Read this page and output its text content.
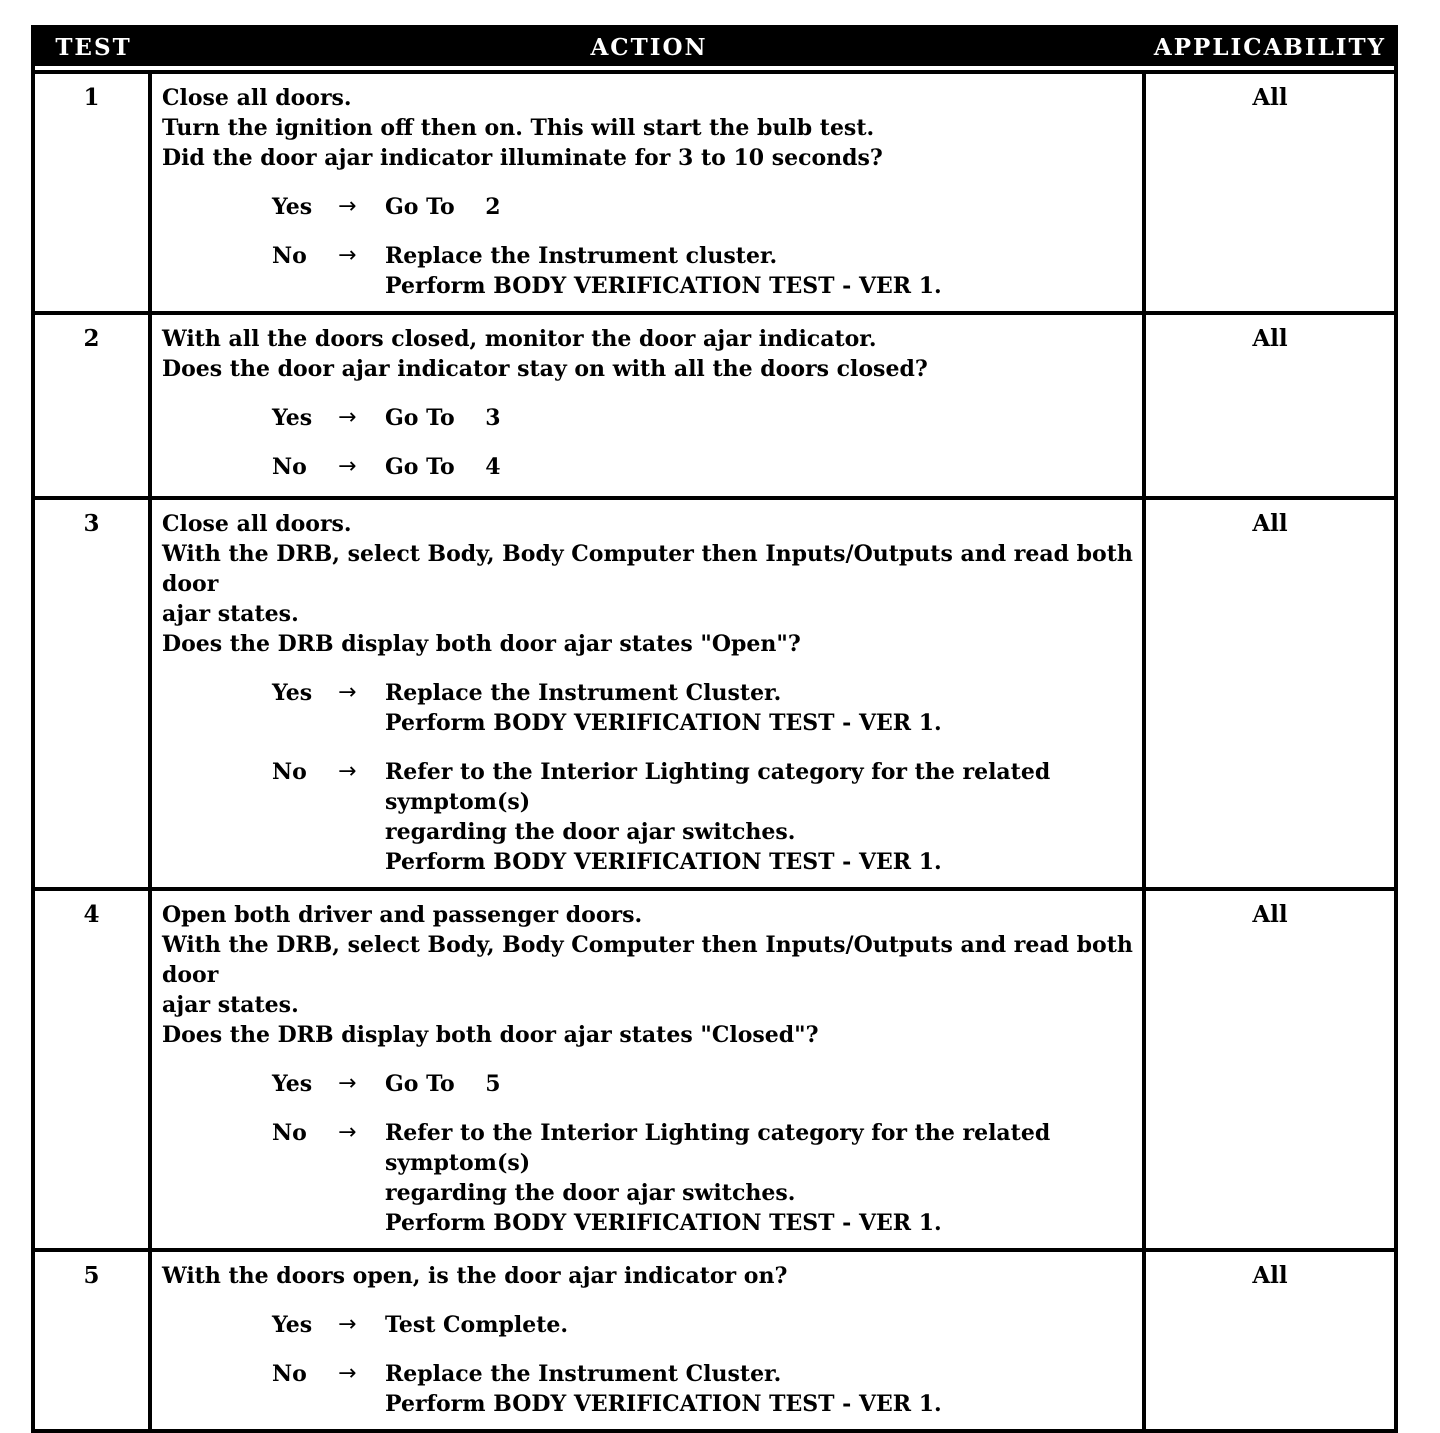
TEST	ACTION	APPLICABILITY
1	Close all doors.
Turn the ignition off then on. This will start the bulb test.
Did the door ajar indicator illuminate for 3 to 10 seconds?
Yes	→	Go To    2
No	→	Replace the Instrument cluster.
Perform BODY VERIFICATION TEST - VER 1.
All
2	With all the doors closed, monitor the door ajar indicator.
Does the door ajar indicator stay on with all the doors closed?
Yes	→	Go To    3
No	→	Go To    4
All
3	Close all doors.
With the DRB, select Body, Body Computer then Inputs/Outputs and read both door
ajar states.
Does the DRB display both door ajar states "Open"?
Yes	→	Replace the Instrument Cluster.
Perform BODY VERIFICATION TEST - VER 1.
No	→	Refer to the Interior Lighting category for the related symptom(s)
regarding the door ajar switches.
Perform BODY VERIFICATION TEST - VER 1.
All
4	Open both driver and passenger doors.
With the DRB, select Body, Body Computer then Inputs/Outputs and read both door
ajar states.
Does the DRB display both door ajar states "Closed"?
Yes	→	Go To    5
No	→	Refer to the Interior Lighting category for the related symptom(s)
regarding the door ajar switches.
Perform BODY VERIFICATION TEST - VER 1.
All
5	With the doors open, is the door ajar indicator on?
Yes	→	Test Complete.
No	→	Replace the Instrument Cluster.
Perform BODY VERIFICATION TEST - VER 1.
All
